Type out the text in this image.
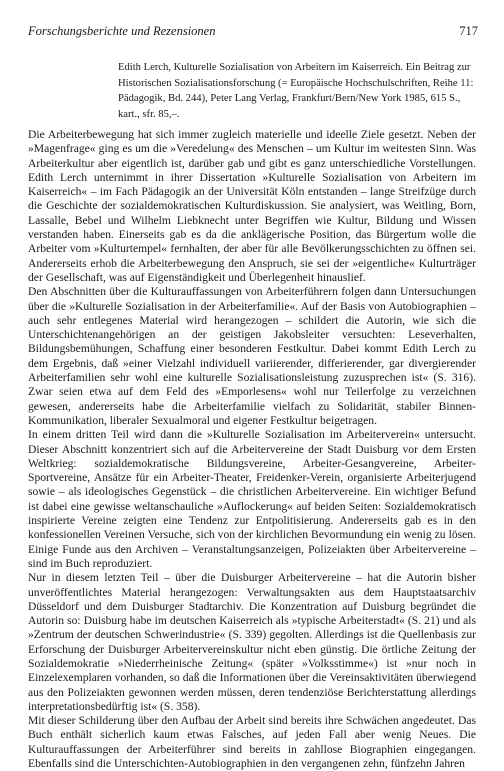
Forschungsberichte und Rezensionen	717

Edith Lerch, Kulturelle Sozialisation von Arbeitern im Kaiserreich. Ein Beitrag zur Historischen Sozialisationsforschung (= Europäische Hochschulschriften, Reihe 11: Pädagogik, Bd. 244), Peter Lang Verlag, Frankfurt/Bern/New York 1985, 615 S., kart., sfr. 85,–.

Die Arbeiterbewegung hat sich immer zugleich materielle und ideelle Ziele gesetzt. Neben der »Magenfrage« ging es um die »Veredelung« des Menschen – um Kultur im weitesten Sinn. Was Arbeiterkultur aber eigentlich ist, darüber gab und gibt es ganz unterschiedliche Vorstellungen. Edith Lerch unternimmt in ihrer Dissertation »Kulturelle Sozialisation von Arbeitern im Kaiserreich« – im Fach Pädagogik an der Universität Köln entstanden – lange Streifzüge durch die Geschichte der sozialdemokratischen Kulturdiskussion. Sie analysiert, was Weitling, Born, Lassalle, Bebel und Wilhelm Liebknecht unter Begriffen wie Kultur, Bildung und Wissen verstanden haben. Einerseits gab es da die anklägerische Position, das Bürgertum wolle die Arbeiter vom »Kulturtempel« fernhalten, der aber für alle Bevölkerungsschichten zu öffnen sei. Andererseits erhob die Arbeiterbewegung den Anspruch, sie sei der »eigentliche« Kulturträger der Gesellschaft, was auf Eigenständigkeit und Überlegenheit hinauslief.

Den Abschnitten über die Kulturauffassungen von Arbeiterführern folgen dann Untersuchungen über die »Kulturelle Sozialisation in der Arbeiterfamilie«. Auf der Basis von Autobiographien – auch sehr entlegenes Material wird herangezogen – schildert die Autorin, wie sich die Unterschichtenangehörigen an der geistigen Jakobsleiter versuchten: Leseverhalten, Bildungsbemühungen, Schaffung einer besonderen Festkultur. Dabei kommt Edith Lerch zu dem Ergebnis, daß »einer Vielzahl individuell variierender, differierender, gar divergierender Arbeiterfamilien sehr wohl eine kulturelle Sozialisationsleistung zuzusprechen ist« (S. 316). Zwar seien etwa auf dem Feld des »Emporlesens« wohl nur Teilerfolge zu verzeichnen gewesen, andererseits habe die Arbeiterfamilie vielfach zu Solidarität, stabiler Binnen-Kommunikation, liberaler Sexualmoral und eigener Festkultur beigetragen.

In einem dritten Teil wird dann die »Kulturelle Sozialisation im Arbeiterverein« untersucht. Dieser Abschnitt konzentriert sich auf die Arbeitervereine der Stadt Duisburg vor dem Ersten Weltkrieg: sozialdemokratische Bildungsvereine, Arbeiter-Gesangvereine, Arbeiter-Sportvereine, Ansätze für ein Arbeiter-Theater, Freidenker-Verein, organisierte Arbeiterjugend sowie – als ideologisches Gegenstück – die christlichen Arbeitervereine. Ein wichtiger Befund ist dabei eine gewisse weltanschauliche »Auflockerung« auf beiden Seiten: Sozialdemokratisch inspirierte Vereine zeigten eine Tendenz zur Entpolitisierung. Andererseits gab es in den konfessionellen Vereinen Versuche, sich von der kirchlichen Bevormundung ein wenig zu lösen. Einige Funde aus den Archiven – Veranstaltungsanzeigen, Polizeiakten über Arbeitervereine – sind im Buch reproduziert.

Nur in diesem letzten Teil – über die Duisburger Arbeitervereine – hat die Autorin bisher unveröffentlichtes Material herangezogen: Verwaltungsakten aus dem Hauptstaatsarchiv Düsseldorf und dem Duisburger Stadtarchiv. Die Konzentration auf Duisburg begründet die Autorin so: Duisburg habe im deutschen Kaiserreich als »typische Arbeiterstadt« (S. 21) und als »Zentrum der deutschen Schwerindustrie« (S. 339) gegolten. Allerdings ist die Quellenbasis zur Erforschung der Duisburger Arbeitervereinskultur nicht eben günstig. Die örtliche Zeitung der Sozialdemokratie »Niederrheinische Zeitung« (später »Volksstimme«) ist »nur noch in Einzelexemplaren vorhanden, so daß die Informationen über die Vereinsaktivitäten überwiegend aus den Polizeiakten gewonnen werden müssen, deren tendenziöse Berichterstattung allerdings interpretationsbedürftig ist« (S. 358).

Mit dieser Schilderung über den Aufbau der Arbeit sind bereits ihre Schwächen angedeutet. Das Buch enthält sicherlich kaum etwas Falsches, auf jeden Fall aber wenig Neues. Die Kulturauffassungen der Arbeiterführer sind bereits in zahllose Biographien eingegangen. Ebenfalls sind die Unterschichten-Autobiographien in den vergangenen zehn, fünfzehn Jahren
